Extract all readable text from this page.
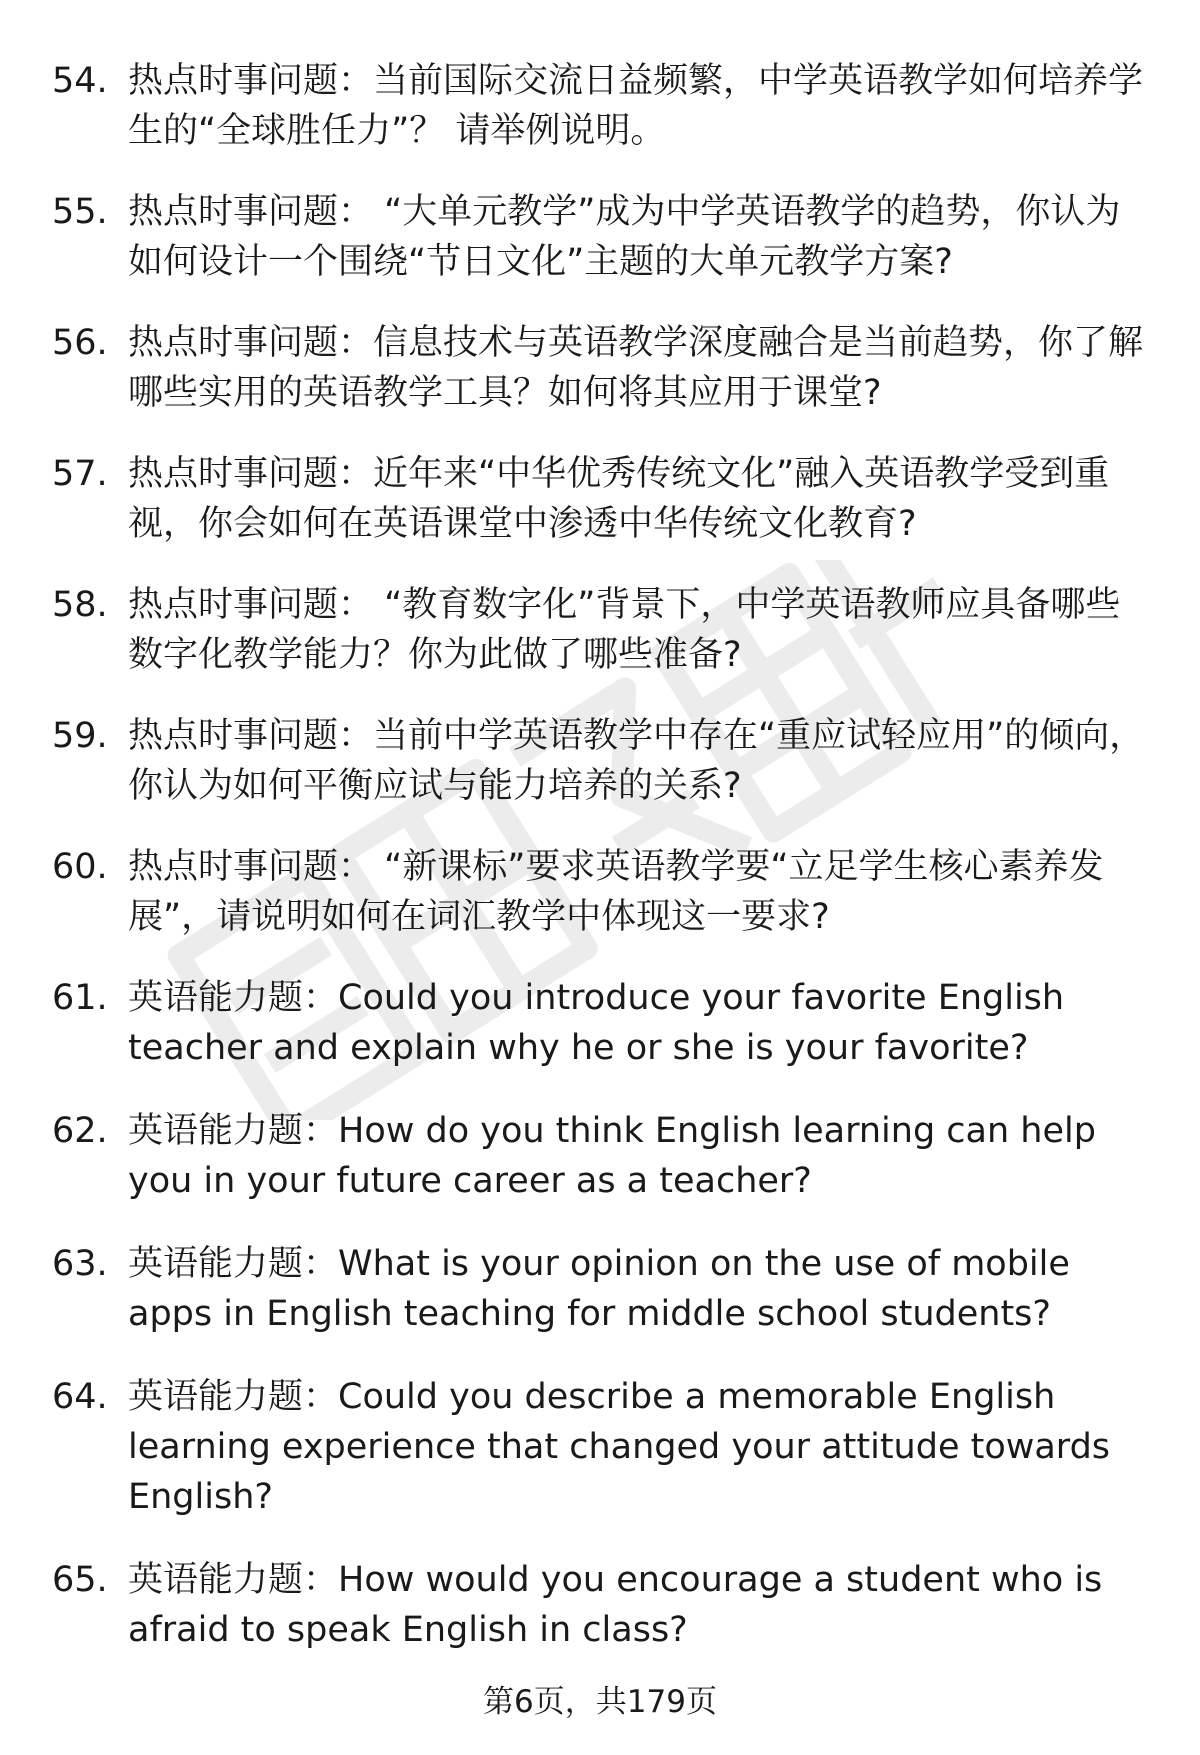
54. 热点时事问题：当前国际交流日益频繁，中学英语教学如何培养学生的“全球胜任力”？ 请举例说明。
55. 热点时事问题： “大单元教学”成为中学英语教学的趋势，你认为如何设计一个围绕“节日文化”主题的大单元教学方案?
56. 热点时事问题：信息技术与英语教学深度融合是当前趋势，你了解哪些实用的英语教学工具？如何将其应用于课堂?
57. 热点时事问题：近年来“中华优秀传统文化”融入英语教学受到重视，你会如何在英语课堂中渗透中华传统文化教育?
58. 热点时事问题： “教育数字化”背景下，中学英语教师应具备哪些数字化教学能力？你为此做了哪些准备?
59. 热点时事问题：当前中学英语教学中存在“重应试轻应用”的倾向，你认为如何平衡应试与能力培养的关系?
60. 热点时事问题： “新课标”要求英语教学要“立足学生核心素养发展”，请说明如何在词汇教学中体现这一要求?
61. 英语能力题：Could you introduce your favorite English teacher and explain why he or she is your favorite?
62. 英语能力题：How do you think English learning can help you in your future career as a teacher?
63. 英语能力题：What is your opinion on the use of mobile apps in English teaching for middle school students?
64. 英语能力题：Could you describe a memorable English learning experience that changed your attitude towards English?
65. 英语能力题：How would you encourage a student who is afraid to speak English in class?
第6页，共179页
